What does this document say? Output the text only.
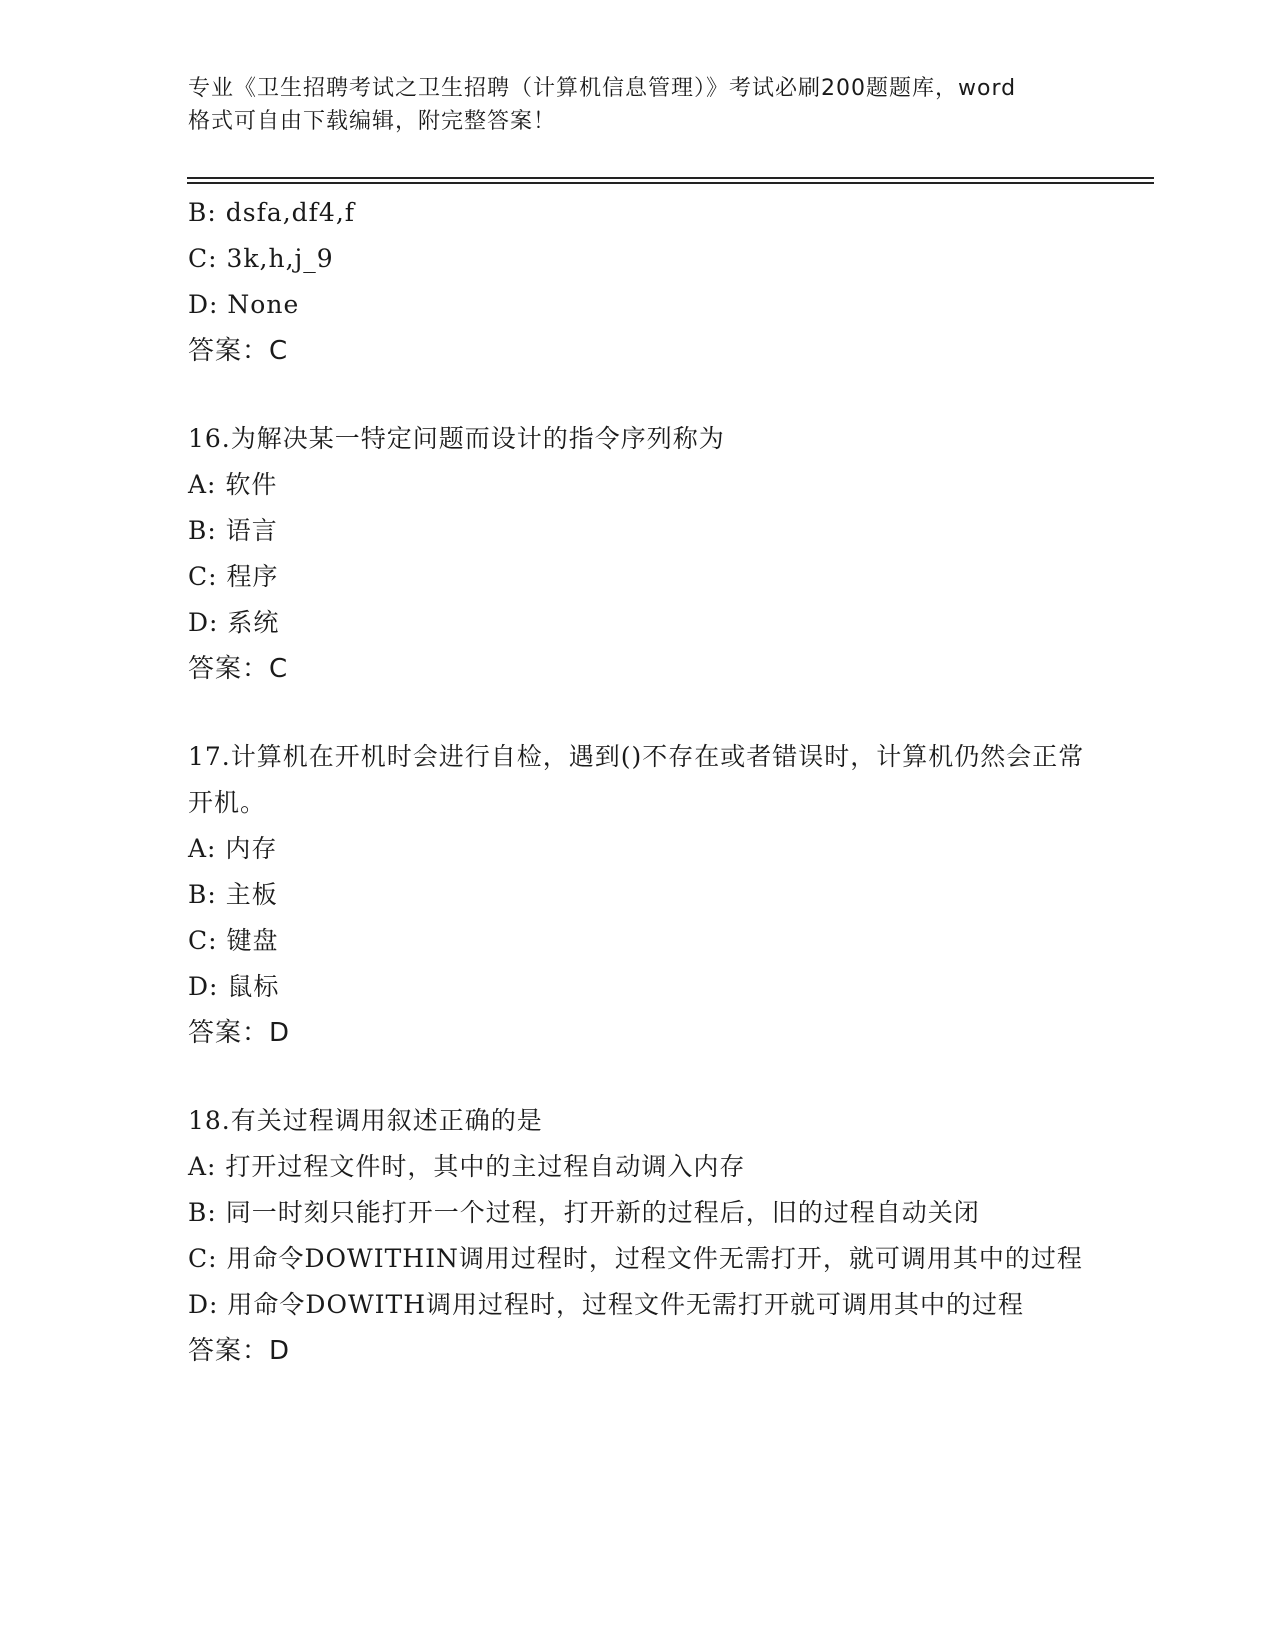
专业《卫生招聘考试之卫生招聘（计算机信息管理）》考试必刷200题题库，word
格式可自由下载编辑，附完整答案！
B: dsfa,df4,f
C: 3k,h,j_9
D: None
答案：C
16.为解决某一特定问题而设计的指令序列称为
A: 软件
B: 语言
C: 程序
D: 系统
答案：C
17.计算机在开机时会进行自检，遇到()不存在或者错误时，计算机仍然会正常开机。
A: 内存
B: 主板
C: 键盘
D: 鼠标
答案：D
18.有关过程调用叙述正确的是
A: 打开过程文件时，其中的主过程自动调入内存
B: 同一时刻只能打开一个过程，打开新的过程后，旧的过程自动关闭
C: 用命令DOWITHIN调用过程时，过程文件无需打开，就可调用其中的过程
D: 用命令DOWITH调用过程时，过程文件无需打开就可调用其中的过程
答案：D
